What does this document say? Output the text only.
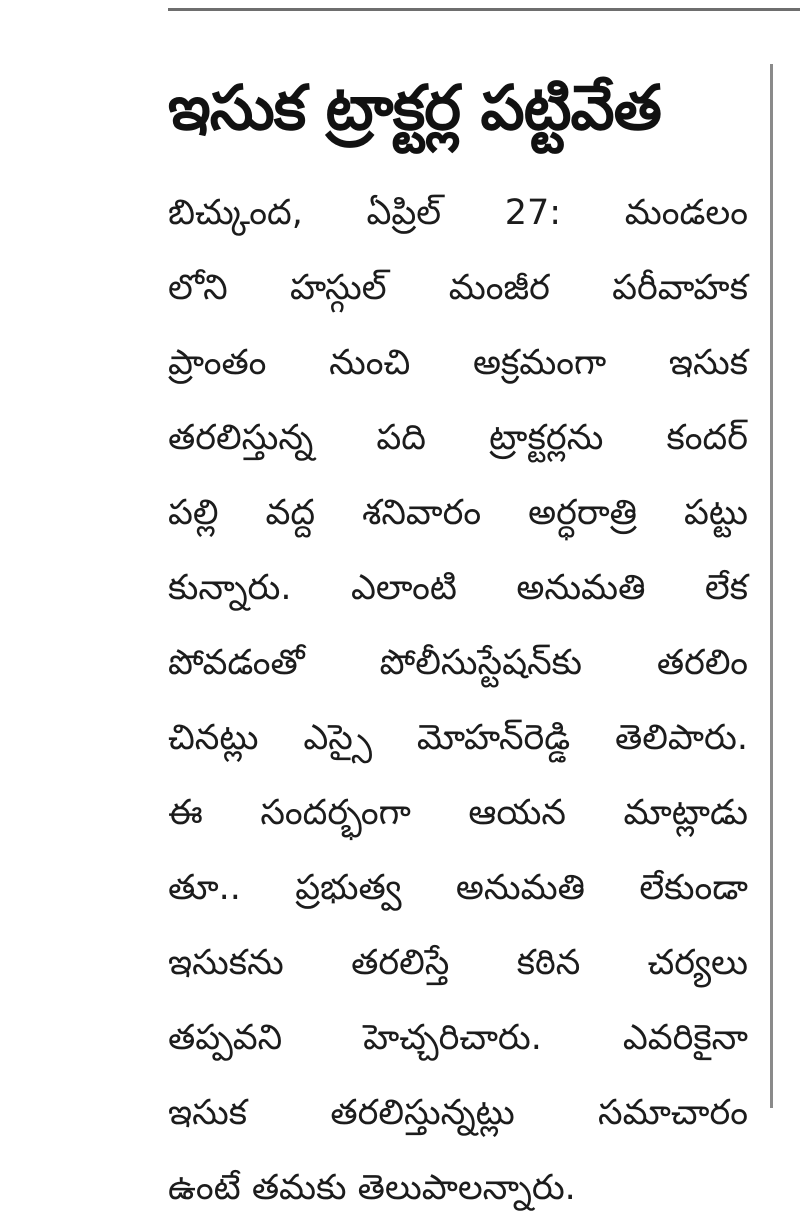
ఇసుక ట్రాక్టర్ల పట్టివేత
బిచ్కుంద, ఏప్రిల్ 27: మండలం
లోని హస్గుల్ మంజీర పరీవాహక
ప్రాంతం నుంచి అక్రమంగా ఇసుక
తరలిస్తున్న పది ట్రాక్టర్లను కందర్
పల్లి వద్ద శనివారం అర్ధరాత్రి పట్టు
కున్నారు. ఎలాంటి అనుమతి లేక
పోవడంతో పోలీసుస్టేషన్‌కు తరలిం
చినట్లు ఎస్సై మోహన్‌రెడ్డి తెలిపారు.
ఈ సందర్భంగా ఆయన మాట్లాడు
తూ.. ప్రభుత్వ అనుమతి లేకుండా
ఇసుకను తరలిస్తే కఠిన చర్యలు
తప్పవని హెచ్చరిచారు. ఎవరికైనా
ఇసుక తరలిస్తున్నట్లు సమాచారం
ఉంటే తమకు తెలుపాలన్నారు.
